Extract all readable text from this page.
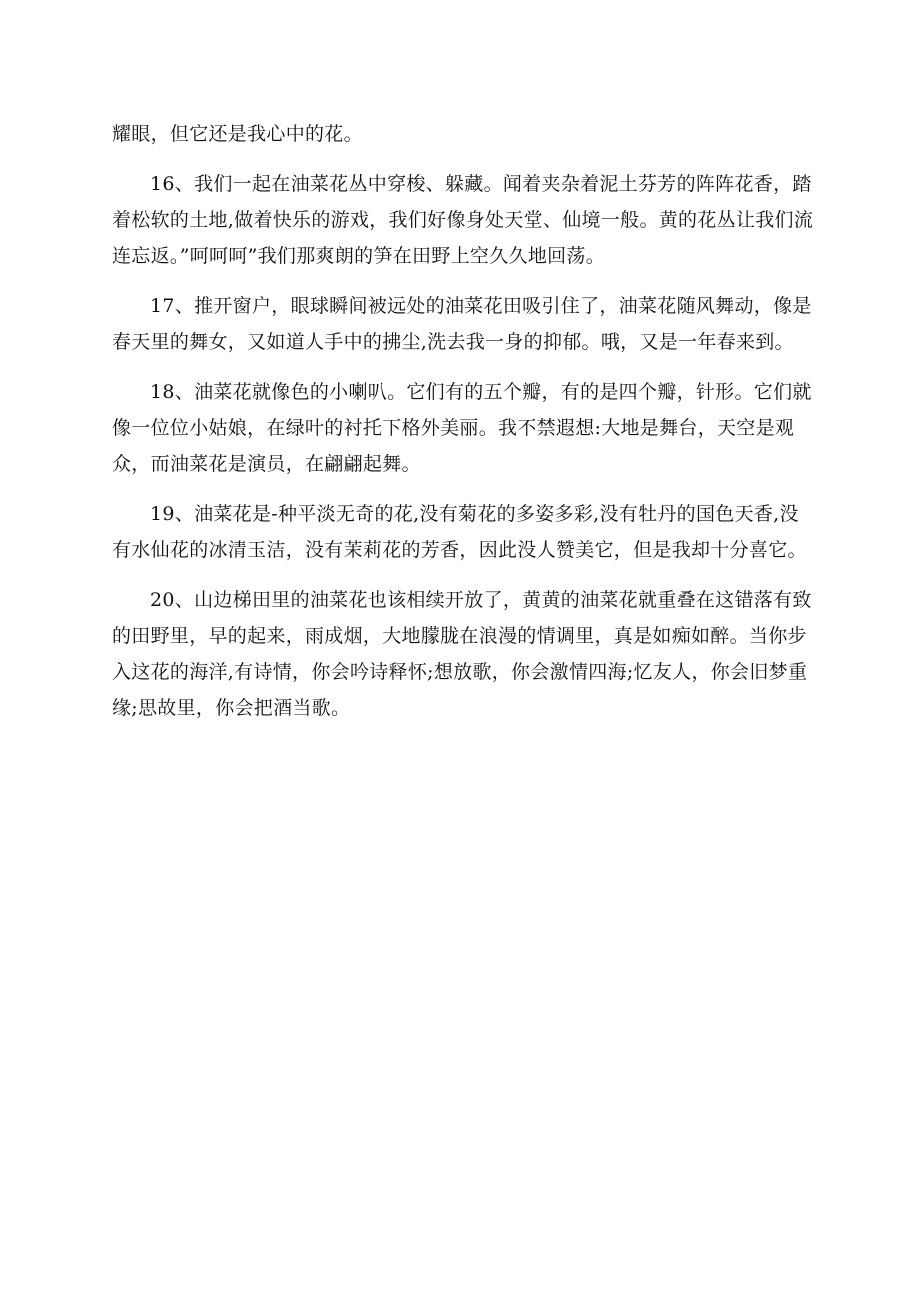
耀眼，但它还是我心中的花。

16、我们一起在油菜花丛中穿梭、躲藏。闻着夹杂着泥土芬芳的阵阵花香，踏着松软的土地,做着快乐的游戏，我们好像身处天堂、仙境一般。黄的花丛让我们流连忘返。”呵呵呵”我们那爽朗的笋在田野上空久久地回荡。

17、推开窗户，眼球瞬间被远处的油菜花田吸引住了，油菜花随风舞动，像是春天里的舞女，又如道人手中的拂尘,洗去我一身的抑郁。哦，又是一年春来到。

18、油菜花就像色的小喇叭。它们有的五个瓣，有的是四个瓣，针形。它们就像一位位小姑娘，在绿叶的衬托下格外美丽。我不禁遐想:大地是舞台，天空是观众，而油菜花是演员，在翩翩起舞。

19、油菜花是-种平淡无奇的花,没有菊花的多姿多彩,没有牡丹的国色天香,没有水仙花的冰清玉洁，没有茉莉花的芳香，因此没人赞美它，但是我却十分喜它。

20、山边梯田里的油菜花也该相续开放了，黄黄的油菜花就重叠在这错落有致的田野里，早的起来，雨成烟，大地朦胧在浪漫的情调里，真是如痴如醉。当你步入这花的海洋,有诗情，你会吟诗释怀;想放歌，你会激情四海;忆友人，你会旧梦重缘;思故里，你会把酒当歌。
